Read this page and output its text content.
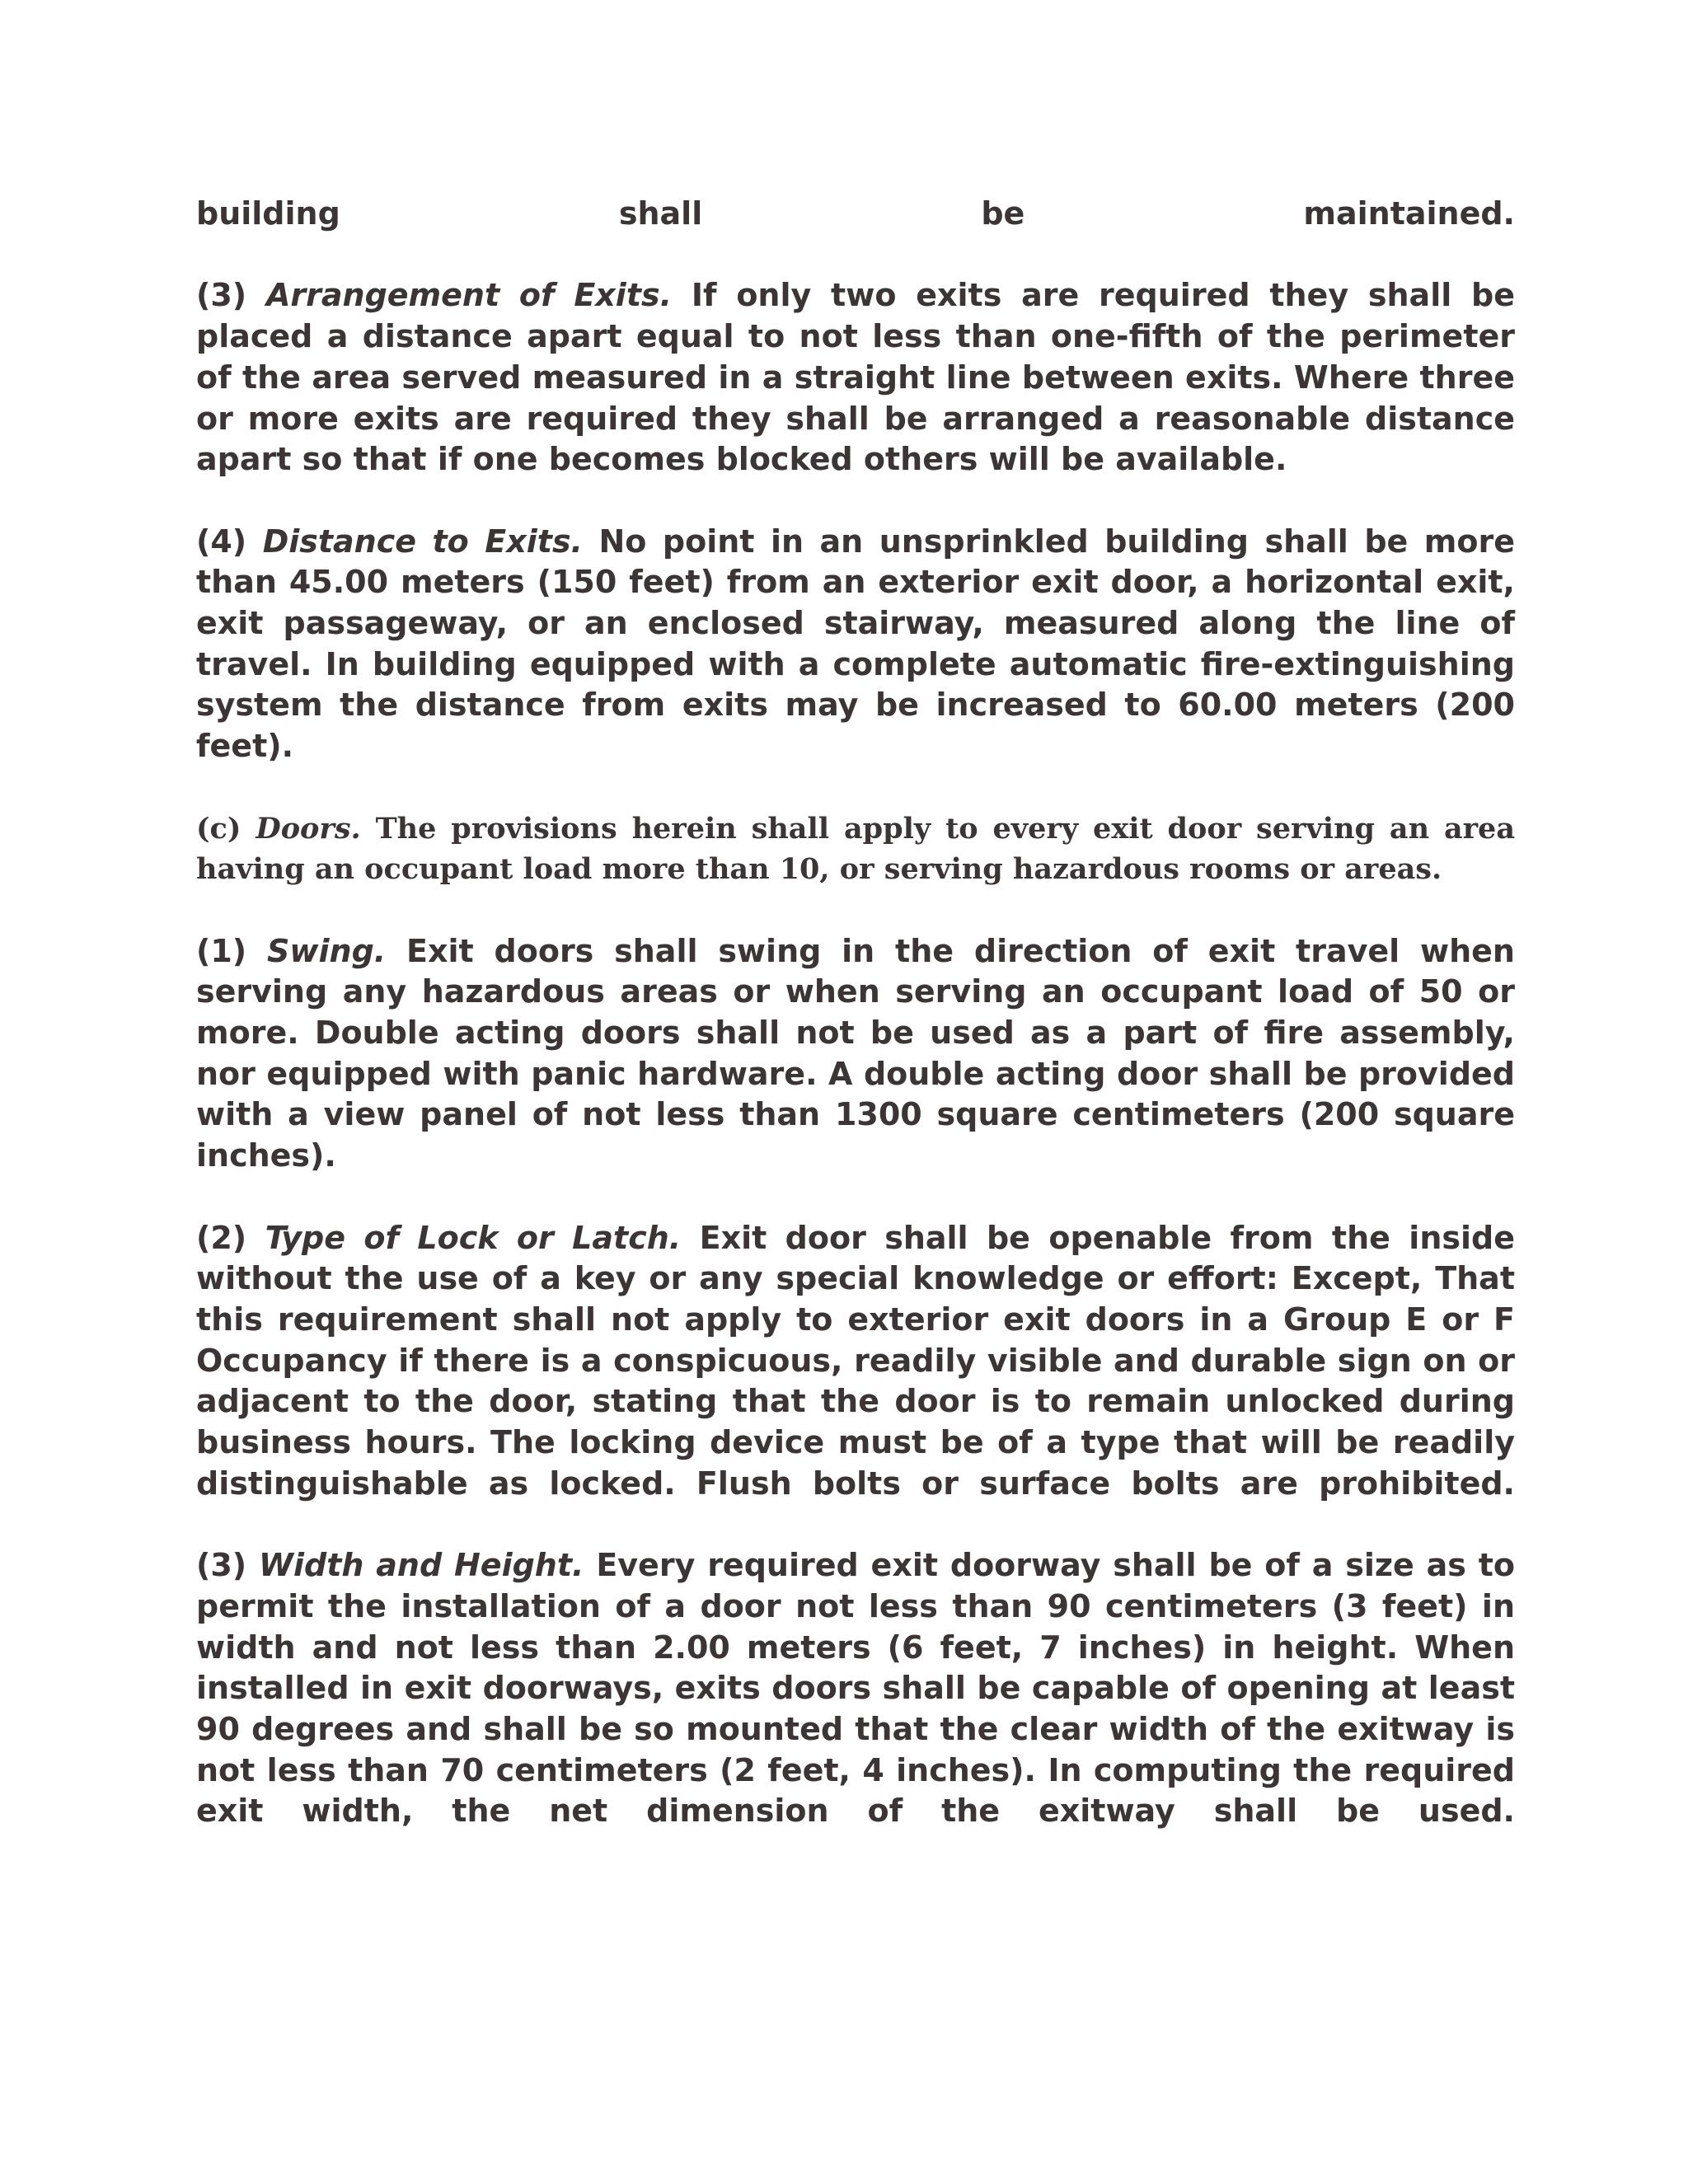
building shall be maintained.

(3) Arrangement of Exits. If only two exits are required they shall be placed a distance apart equal to not less than one-fifth of the perimeter of the area served measured in a straight line between exits. Where three or more exits are required they shall be arranged a reasonable distance apart so that if one becomes blocked others will be available.

(4) Distance to Exits. No point in an unsprinkled building shall be more than 45.00 meters (150 feet) from an exterior exit door, a horizontal exit, exit passageway, or an enclosed stairway, measured along the line of travel. In building equipped with a complete automatic fire-extinguishing system the distance from exits may be increased to 60.00 meters (200 feet).

(c) Doors. The provisions herein shall apply to every exit door serving an area having an occupant load more than 10, or serving hazardous rooms or areas.

(1) Swing. Exit doors shall swing in the direction of exit travel when serving any hazardous areas or when serving an occupant load of 50 or more. Double acting doors shall not be used as a part of fire assembly, nor equipped with panic hardware. A double acting door shall be provided with a view panel of not less than 1300 square centimeters (200 square inches).

(2) Type of Lock or Latch. Exit door shall be openable from the inside without the use of a key or any special knowledge or effort: Except, That this requirement shall not apply to exterior exit doors in a Group E or F Occupancy if there is a conspicuous, readily visible and durable sign on or adjacent to the door, stating that the door is to remain unlocked during business hours. The locking device must be of a type that will be readily distinguishable as locked. Flush bolts or surface bolts are prohibited.

(3) Width and Height. Every required exit doorway shall be of a size as to permit the installation of a door not less than 90 centimeters (3 feet) in width and not less than 2.00 meters (6 feet, 7 inches) in height. When installed in exit doorways, exits doors shall be capable of opening at least 90 degrees and shall be so mounted that the clear width of the exitway is not less than 70 centimeters (2 feet, 4 inches). In computing the required exit width, the net dimension of the exitway shall be used.
